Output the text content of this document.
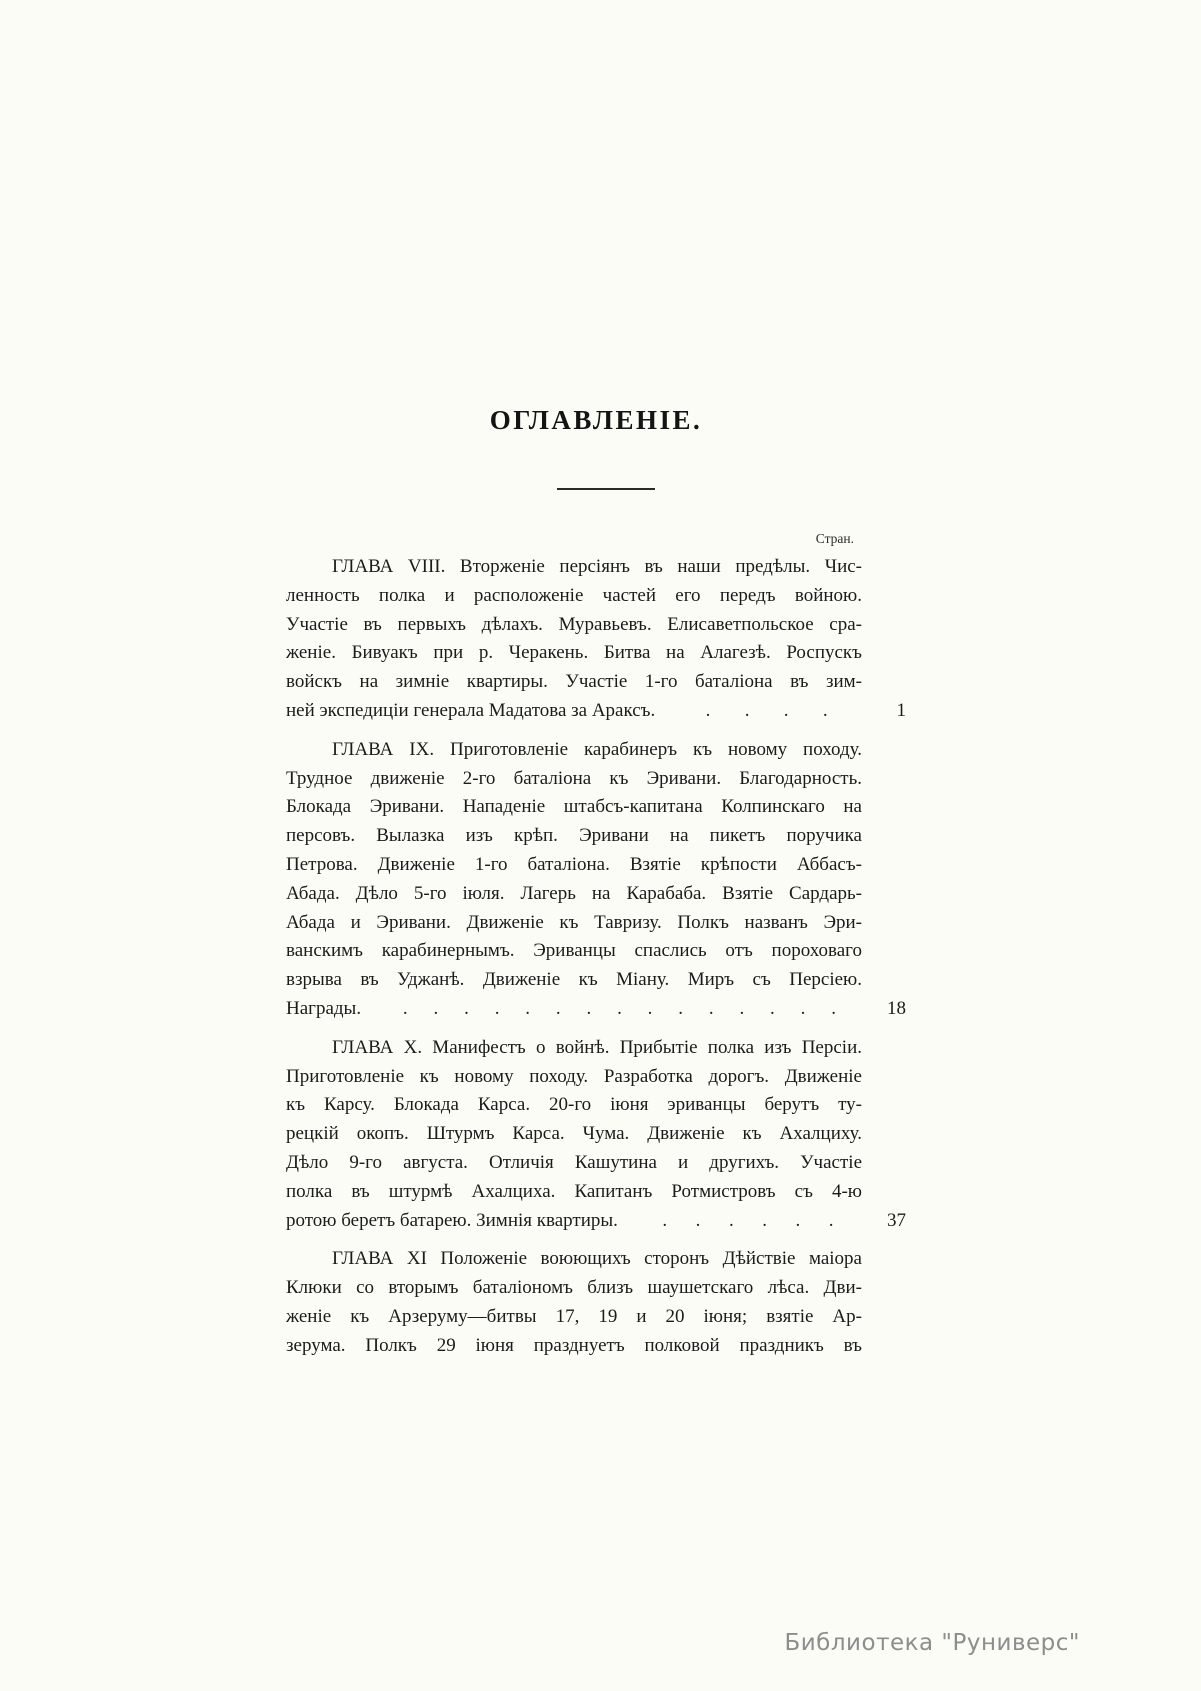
ОГЛАВЛЕНІЕ.
Стран.
ГЛАВА VIII. Вторженіе персіянъ въ наши предѣлы. Чис-
ленность полка и расположеніе частей его передъ войною.
Участіе въ первыхъ дѣлахъ. Муравьевъ. Елисаветпольское сра-
женіе. Бивуакъ при р. Черакень. Битва на Алагезѣ. Роспускъ
войскъ на зимніе квартиры. Участіе 1-го баталіона въ зим-
ней экспедиціи генерала Мадатова за Араксъ.	. . . .	1
ГЛАВА IX. Приготовленіе карабинеръ къ новому походу.
Трудное движеніе 2-го баталіона къ Эривани. Благодарность.
Блокада Эривани. Нападеніе штабсъ-капитана Колпинскаго на
персовъ. Вылазка изъ крѣп. Эривани на пикетъ поручика
Петрова. Движеніе 1-го баталіона. Взятіе крѣпости Аббасъ-
Абада. Дѣло 5-го іюля. Лагерь на Карабаба. Взятіе Сардарь-
Абада и Эривани. Движеніе къ Тавризу. Полкъ названъ Эри-
ванскимъ карабинернымъ. Эриванцы спаслись отъ пороховаго
взрыва въ Уджанѣ. Движеніе къ Міану. Миръ съ Персіею.
Награды. . . . . . . . . . . . . . . .	18
ГЛАВА X. Манифестъ о войнѣ. Прибытіе полка изъ Персіи.
Приготовленіе къ новому походу. Разработка дорогъ. Движеніе
къ Карсу. Блокада Карса. 20-го іюня эриванцы берутъ ту-
рецкій окопъ. Штурмъ Карса. Чума. Движеніе къ Ахалциху.
Дѣло 9-го августа. Отличія Кашутина и другихъ. Участіе
полка въ штурмѣ Ахалциха. Капитанъ Ротмистровъ съ 4-ю
ротою беретъ батарею. Зимнія квартиры. . . . . . .	37
ГЛАВА XI Положеніе воюющихъ сторонъ Дѣйствіе маіора
Клюки со вторымъ баталіономъ близъ шаушетскаго лѣса. Дви-
женіе къ Арзеруму—битвы 17, 19 и 20 іюня; взятіе Ар-
зерума. Полкъ 29 іюня празднуетъ полковой праздникъ въ
Библиотека "Руниверс"
